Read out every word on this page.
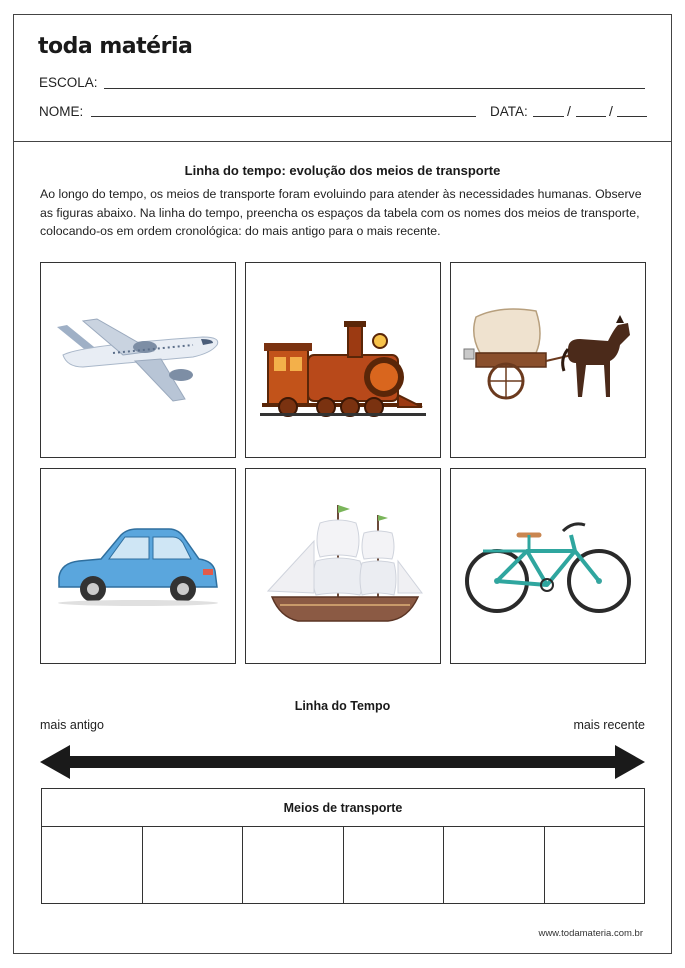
toda matéria
ESCOLA:
NOME:	DATA:	/	/
Linha do tempo: evolução dos meios de transporte
Ao longo do tempo, os meios de transporte foram evoluindo para atender às necessidades humanas. Observe as figuras abaixo. Na linha do tempo, preencha os espaços da tabela com os nomes dos meios de transporte, colocando-os em ordem cronológica: do mais antigo para o mais recente.
Linha do Tempo
mais antigo	mais recente
Meios de transporte
www.todamateria.com.br
